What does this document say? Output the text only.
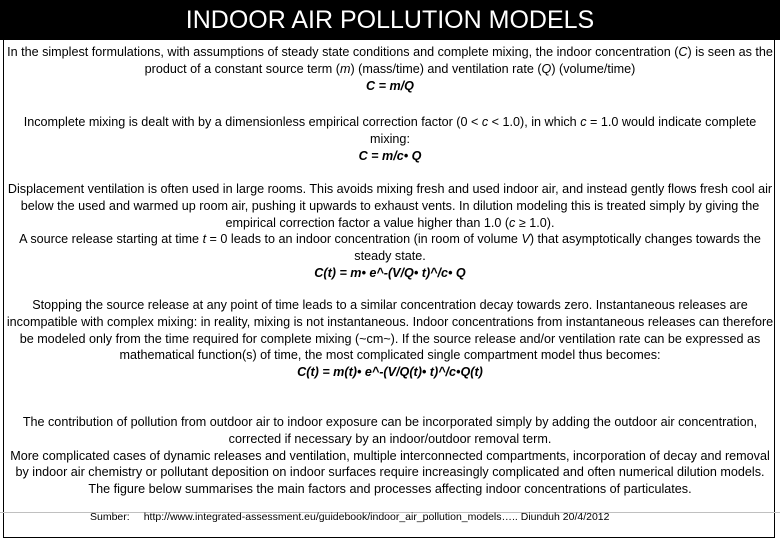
INDOOR AIR POLLUTION MODELS

In the simplest formulations, with assumptions of steady state conditions and complete mixing, the indoor concentration (C) is seen as the product of a constant source term (m) (mass/time) and ventilation rate (Q) (volume/time)
C = m/Q

Incomplete mixing is dealt with by a dimensionless empirical correction factor (0 < c < 1.0), in which c = 1.0 would indicate complete mixing:
C = m/c• Q

Displacement ventilation is often used in large rooms. This avoids mixing fresh and used indoor air, and instead gently flows fresh cool air below the used and warmed up room air, pushing it upwards to exhaust vents. In dilution modeling this is treated simply by giving the empirical correction factor a value higher than 1.0 (c ≥ 1.0).
A source release starting at time t = 0 leads to an indoor concentration (in room of volume V) that asymptotically changes towards the steady state.
C(t) = m• e^-(V/Q• t)^/c• Q

Stopping the source release at any point of time leads to a similar concentration decay towards zero. Instantaneous releases are incompatible with complex mixing: in reality, mixing is not instantaneous. Indoor concentrations from instantaneous releases can therefore be modeled only from the time required for complete mixing (~cm~). If the source release and/or ventilation rate can be expressed as mathematical function(s) of time, the most complicated single compartment model thus becomes:
C(t) = m(t)• e^-(V/Q(t)• t)^/c•Q(t)

The contribution of pollution from outdoor air to indoor exposure can be incorporated simply by adding the outdoor air concentration, corrected if necessary by an indoor/outdoor removal term.
More complicated cases of dynamic releases and ventilation, multiple interconnected compartments, incorporation of decay and removal by indoor air chemistry or pollutant deposition on indoor surfaces require increasingly complicated and often numerical dilution models.
The figure below summarises the main factors and processes affecting indoor concentrations of particulates.

Sumber: http://www.integrated-assessment.eu/guidebook/indoor_air_pollution_models….. Diunduh 20/4/2012
